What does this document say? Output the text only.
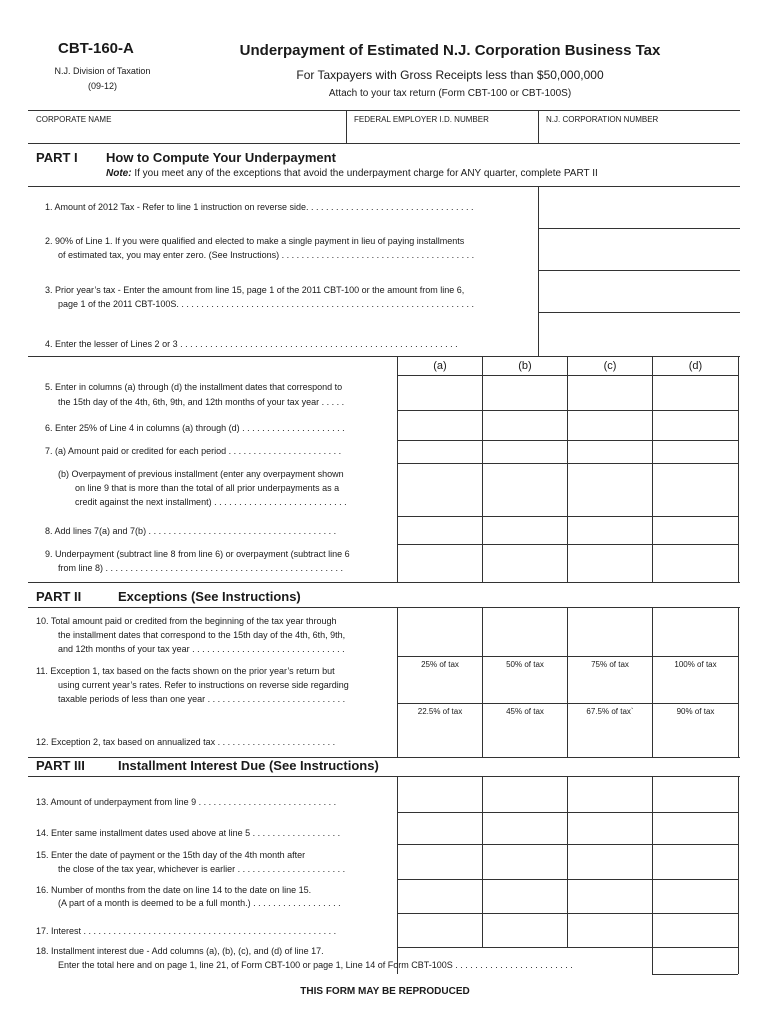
CBT-160-A
N.J. Division of Taxation
(09-12)
Underpayment of Estimated N.J. Corporation Business Tax
For Taxpayers with Gross Receipts less than $50,000,000
Attach to your tax return (Form CBT-100 or CBT-100S)
CORPORATE NAME	FEDERAL EMPLOYER I.D. NUMBER	N.J. CORPORATION NUMBER
PART I How to Compute Your Underpayment
Note: If you meet any of the exceptions that avoid the underpayment charge for ANY quarter, complete PART II
1. Amount of 2012 Tax - Refer to line 1 instruction on reverse side. . . . . . . . . . . . . . . . . . . . . . . . . . . . . . . . . .
2. 90% of Line 1. If you were qualified and elected to make a single payment in lieu of paying installments
of estimated tax, you may enter zero. (See Instructions) . . . . . . . . . . . . . . . . . . . . . . . . . . . . . . . . . . . . . . .
3. Prior year’s tax - Enter the amount from line 15, page 1 of the 2011 CBT-100 or the amount from line 6,
page 1 of the 2011 CBT-100S. . . . . . . . . . . . . . . . . . . . . . . . . . . . . . . . . . . . . . . . . . . . . . . . . . . . . . . . . . . .
4. Enter the lesser of Lines 2 or 3 . . . . . . . . . . . . . . . . . . . . . . . . . . . . . . . . . . . . . . . . . . . . . . . . . . . . . . . .
(a)	(b)	(c)	(d)
5. Enter in columns (a) through (d) the installment dates that correspond to
the 15th day of the 4th, 6th, 9th, and 12th months of your tax year . . . . .
6. Enter 25% of Line 4 in columns (a) through (d) . . . . . . . . . . . . . . . . . . . . .
7. (a) Amount paid or credited for each period . . . . . . . . . . . . . . . . . . . . . . .
(b) Overpayment of previous installment (enter any overpayment shown
on line 9 that is more than the total of all prior underpayments as a
credit against the next installment) . . . . . . . . . . . . . . . . . . . . . . . . . . .
8. Add lines 7(a) and 7(b) . . . . . . . . . . . . . . . . . . . . . . . . . . . . . . . . . . . . . .
9. Underpayment (subtract line 8 from line 6) or overpayment (subtract line 6
from line 8) . . . . . . . . . . . . . . . . . . . . . . . . . . . . . . . . . . . . . . . . . . . . . . . .
PART II	Exceptions (See Instructions)
10. Total amount paid or credited from the beginning of the tax year through
the installment dates that correspond to the 15th day of the 4th, 6th, 9th,
and 12th months of your tax year . . . . . . . . . . . . . . . . . . . . . . . . . . . . . . .
11. Exception 1, tax based on the facts shown on the prior year’s return but
using current year’s rates. Refer to instructions on reverse side regarding
taxable periods of less than one year . . . . . . . . . . . . . . . . . . . . . . . . . . . .
25% of tax	50% of tax	75% of tax	100% of tax
22.5% of tax	45% of tax	67.5% of tax`	90% of tax
12. Exception 2, tax based on annualized tax . . . . . . . . . . . . . . . . . . . . . . . .
PART III	Installment Interest Due (See Instructions)
13. Amount of underpayment from line 9 . . . . . . . . . . . . . . . . . . . . . . . . . . . .
14. Enter same installment dates used above at line 5 . . . . . . . . . . . . . . . . . .
15. Enter the date of payment or the 15th day of the 4th month after
the close of the tax year, whichever is earlier . . . . . . . . . . . . . . . . . . . . . .
16. Number of months from the date on line 14 to the date on line 15.
(A part of a month is deemed to be a full month.) . . . . . . . . . . . . . . . . . .
17. Interest . . . . . . . . . . . . . . . . . . . . . . . . . . . . . . . . . . . . . . . . . . . . . . . . . . .
18. Installment interest due - Add columns (a), (b), (c), and (d) of line 17.
Enter the total here and on page 1, line 21, of Form CBT-100 or page 1, Line 14 of Form CBT-100S . . . . . . . . . . . . . . . . . . . . . . . .
THIS FORM MAY BE REPRODUCED
